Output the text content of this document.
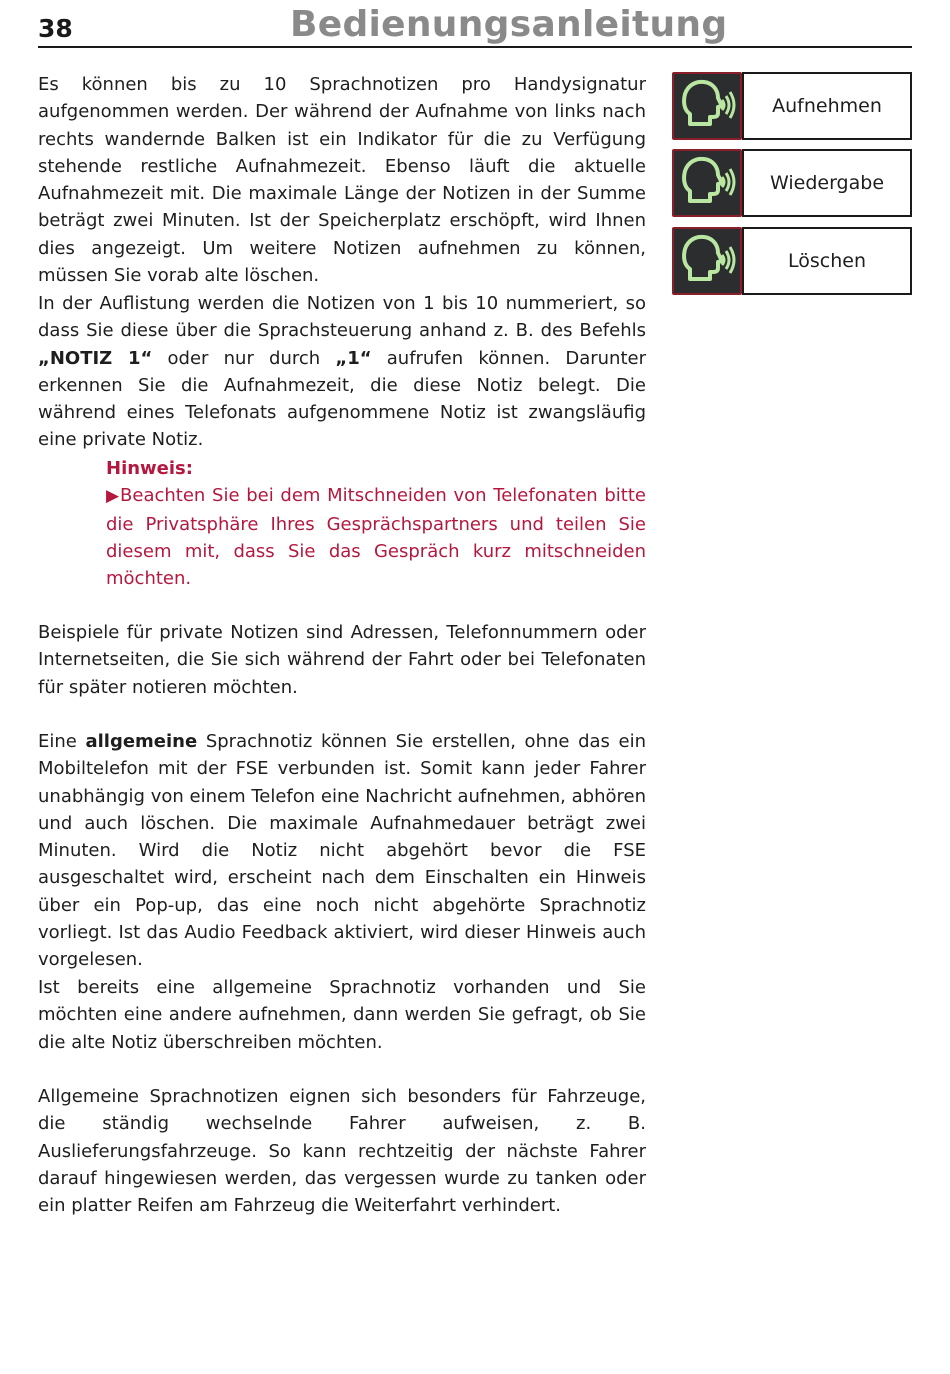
38	Bedienungsanleitung

Es können bis zu 10 Sprachnotizen pro Handysignatur aufgenommen werden. Der während der Aufnahme von links nach rechts wandernde Balken ist ein Indikator für die zu Verfügung stehende restliche Aufnahmezeit. Ebenso läuft die aktuelle Aufnahmezeit mit. Die maximale Länge der Notizen in der Summe beträgt zwei Minuten. Ist der Speicherplatz erschöpft, wird Ihnen dies angezeigt. Um weitere Notizen aufnehmen zu können, müssen Sie vorab alte löschen.

In der Auflistung werden die Notizen von 1 bis 10 nummeriert, so dass Sie diese über die Sprachsteuerung anhand z. B. des Befehls „NOTIZ 1“ oder nur durch „1“ aufrufen können. Darunter erkennen Sie die Aufnahmezeit, die diese Notiz belegt. Die während eines Telefonats aufgenommene Notiz ist zwangsläufig eine private Notiz.

Hinweis:
▶Beachten Sie bei dem Mitschneiden von Telefonaten bitte die Privatsphäre Ihres Gesprächspartners und teilen Sie diesem mit, dass Sie das Gespräch kurz mitschneiden möchten.

Beispiele für private Notizen sind Adressen, Telefonnummern oder Internetseiten, die Sie sich während der Fahrt oder bei Telefonaten für später notieren möchten.

Eine allgemeine Sprachnotiz können Sie erstellen, ohne das ein Mobiltelefon mit der FSE verbunden ist. Somit kann jeder Fahrer unabhängig von einem Telefon eine Nachricht aufnehmen, abhören und auch löschen. Die maximale Aufnahmedauer beträgt zwei Minuten. Wird die Notiz nicht abgehört bevor die FSE ausgeschaltet wird, erscheint nach dem Einschalten ein Hinweis über ein Pop-up, das eine noch nicht abgehörte Sprachnotiz vorliegt. Ist das Audio Feedback aktiviert, wird dieser Hinweis auch vorgelesen.

Ist bereits eine allgemeine Sprachnotiz vorhanden und Sie möchten eine andere aufnehmen, dann werden Sie gefragt, ob Sie die alte Notiz überschreiben möchten.

Allgemeine Sprachnotizen eignen sich besonders für Fahrzeuge, die ständig wechselnde Fahrer aufweisen, z. B. Auslieferungsfahrzeuge. So kann rechtzeitig der nächste Fahrer darauf hingewiesen werden, das vergessen wurde zu tanken oder ein platter Reifen am Fahrzeug die Weiterfahrt verhindert.

Aufnehmen
Wiedergabe
Löschen
